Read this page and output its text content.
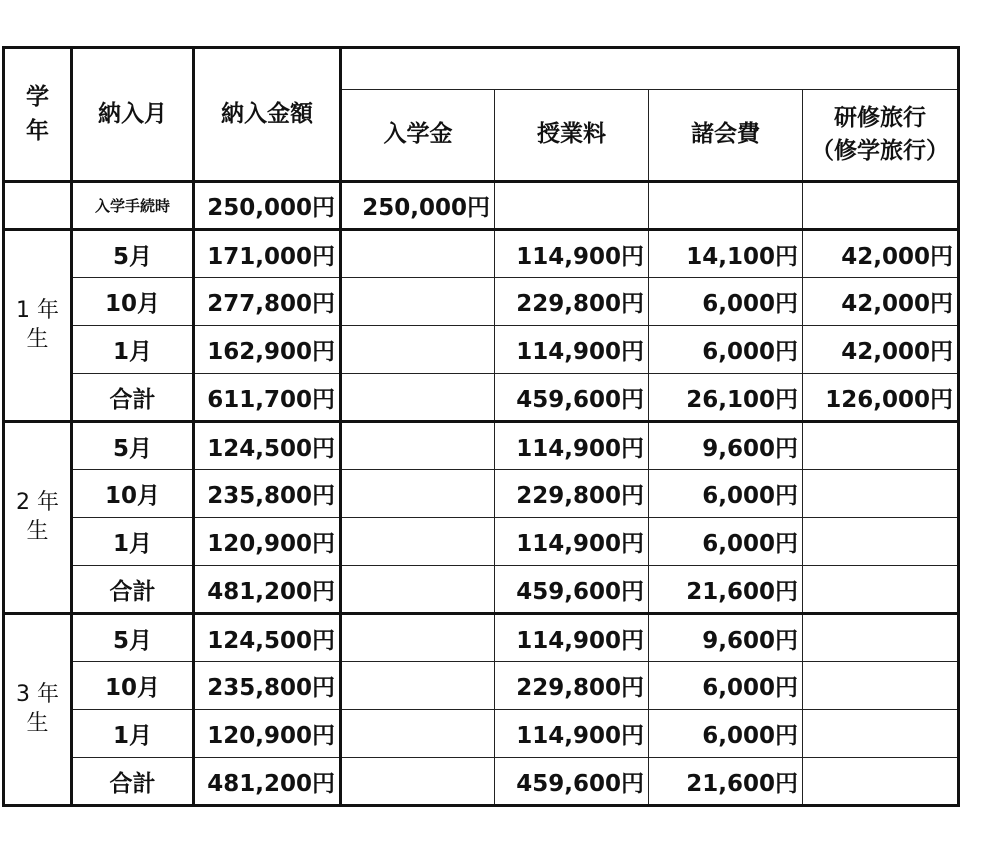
学年	納入月	納入金額				
			入学金	授業料	諸会費	研修旅行
（修学旅行）

	入学手続時	250,000円	250,000円			
1 年 生	5月	171,000円		114,900円	14,100円	42,000円
	10月	277,800円		229,800円	6,000円	42,000円
	1月	162,900円		114,900円	6,000円	42,000円
	合計	611,700円		459,600円	26,100円	126,000円
2 年 生	5月	124,500円		114,900円	9,600円	
	10月	235,800円		229,800円	6,000円	
	1月	120,900円		114,900円	6,000円	
	合計	481,200円		459,600円	21,600円	
3 年 生	5月	124,500円		114,900円	9,600円	
	10月	235,800円		229,800円	6,000円	
	1月	120,900円		114,900円	6,000円	
	合計	481,200円		459,600円	21,600円	
